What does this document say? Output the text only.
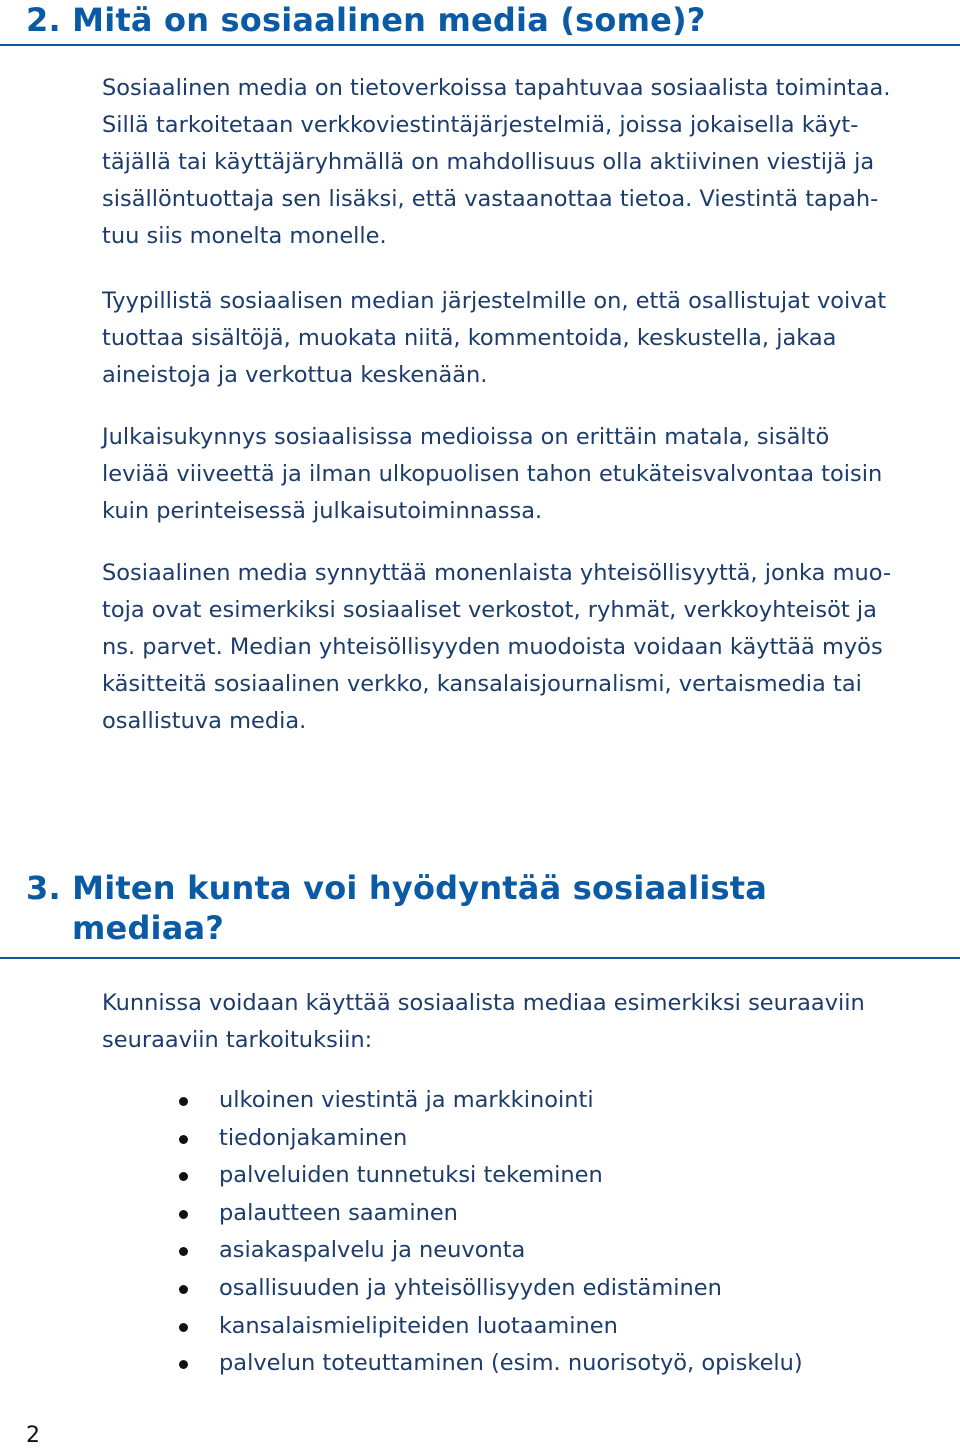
2. Mitä on sosiaalinen media (some)?

Sosiaalinen media on tietoverkoissa tapahtuvaa sosiaalista toimintaa.
Sillä tarkoitetaan verkkoviestintäjärjestelmiä, joissa jokaisella käyt-
täjällä tai käyttäjäryhmällä on mahdollisuus olla aktiivinen viestijä ja
sisällöntuottaja sen lisäksi, että vastaanottaa tietoa. Viestintä tapah-
tuu siis monelta monelle.

Tyypillistä sosiaalisen median järjestelmille on, että osallistujat voivat
tuottaa sisältöjä, muokata niitä, kommentoida, keskustella, jakaa
aineistoja ja verkottua keskenään.

Julkaisukynnys sosiaalisissa medioissa on erittäin matala, sisältö
leviää viiveettä ja ilman ulkopuolisen tahon etukäteisvalvontaa toisin
kuin perinteisessä julkaisutoiminnassa.

Sosiaalinen media synnyttää monenlaista yhteisöllisyyttä, jonka muo-
toja ovat esimerkiksi sosiaaliset verkostot, ryhmät, verkkoyhteisöt ja
ns. parvet. Median yhteisöllisyyden muodoista voidaan käyttää myös
käsitteitä sosiaalinen verkko, kansalaisjournalismi, vertaismedia tai
osallistuva media.

3. Miten kunta voi hyödyntää sosiaalista
mediaa?

Kunnissa voidaan käyttää sosiaalista mediaa esimerkiksi seuraaviin
seuraaviin tarkoituksiin:

ulkoinen viestintä ja markkinointi
tiedonjakaminen
palveluiden tunnetuksi tekeminen
palautteen saaminen
asiakaspalvelu ja neuvonta
osallisuuden ja yhteisöllisyyden edistäminen
kansalaismielipiteiden luotaaminen
palvelun toteuttaminen (esim. nuorisotyö, opiskelu)
2
